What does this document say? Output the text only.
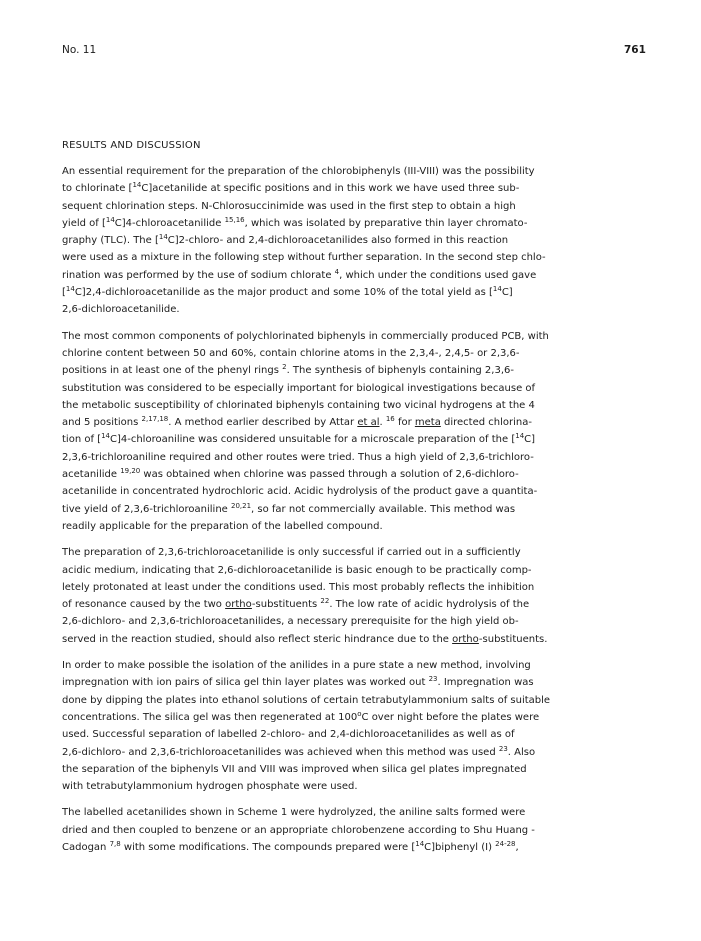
No. 11	761
RESULTS AND DISCUSSION
An essential requirement for the preparation of the chlorobiphenyls (III-VIII) was the possibility
to chlorinate [$^{14}$C]acetanilide at specific positions and in this work we have used three sub-
sequent chlorination steps. N-Chlorosuccinimide was used in the first step to obtain a high
yield of [$^{14}$C]4-chloroacetanilide $^{15,16}$, which was isolated by preparative thin layer chromato-
graphy (TLC). The [$^{14}$C]2-chloro- and 2,4-dichloroacetanilides also formed in this reaction
were used as a mixture in the following step without further separation. In the second step chlo-
rination was performed by the use of sodium chlorate $^4$, which under the conditions used gave
[$^{14}$C]2,4-dichloroacetanilide as the major product and some 10% of the total yield as [$^{14}$C]
2,6-dichloroacetanilide.
The most common components of polychlorinated biphenyls in commercially produced PCB, with
chlorine content between 50 and 60%, contain chlorine atoms in the 2,3,4-, 2,4,5- or 2,3,6-
positions in at least one of the phenyl rings $^2$. The synthesis of biphenyls containing 2,3,6-
substitution was considered to be especially important for biological investigations because of
the metabolic susceptibility of chlorinated biphenyls containing two vicinal hydrogens at the 4
and 5 positions $^{2,17,18}$. A method earlier described by Attar et al. $^{16}$ for meta directed chlorina-
tion of [$^{14}$C]4-chloroaniline was considered unsuitable for a microscale preparation of the [$^{14}$C]
2,3,6-trichloroaniline required and other routes were tried. Thus a high yield of 2,3,6-trichloro-
acetanilide $^{19,20}$ was obtained when chlorine was passed through a solution of 2,6-dichloro-
acetanilide in concentrated hydrochloric acid. Acidic hydrolysis of the product gave a quantita-
tive yield of 2,3,6-trichloroaniline $^{20,21}$, so far not commercially available. This method was
readily applicable for the preparation of the labelled compound.
The preparation of 2,3,6-trichloroacetanilide is only successful if carried out in a sufficiently
acidic medium, indicating that 2,6-dichloroacetanilide is basic enough to be practically comp-
letely protonated at least under the conditions used. This most probably reflects the inhibition
of resonance caused by the two ortho-substituents $^{22}$. The low rate of acidic hydrolysis of the
2,6-dichloro- and 2,3,6-trichloroacetanilides, a necessary prerequisite for the high yield ob-
served in the reaction studied, should also reflect steric hindrance due to the ortho-substituents.
In order to make possible the isolation of the anilides in a pure state a new method, involving
impregnation with ion pairs of silica gel thin layer plates was worked out $^{23}$. Impregnation was
done by dipping the plates into ethanol solutions of certain tetrabutylammonium salts of suitable
concentrations. The silica gel was then regenerated at 100$^o$C over night before the plates were
used. Successful separation of labelled 2-chloro- and 2,4-dichloroacetanilides as well as of
2,6-dichloro- and 2,3,6-trichloroacetanilides was achieved when this method was used $^{23}$. Also
the separation of the biphenyls VII and VIII was improved when silica gel plates impregnated
with tetrabutylammonium hydrogen phosphate were used.
The labelled acetanilides shown in Scheme 1 were hydrolyzed, the aniline salts formed were
dried and then coupled to benzene or an appropriate chlorobenzene according to Shu Huang -
Cadogan $^{7,8}$ with some modifications. The compounds prepared were [$^{14}$C]biphenyl (I) $^{24-28}$,
